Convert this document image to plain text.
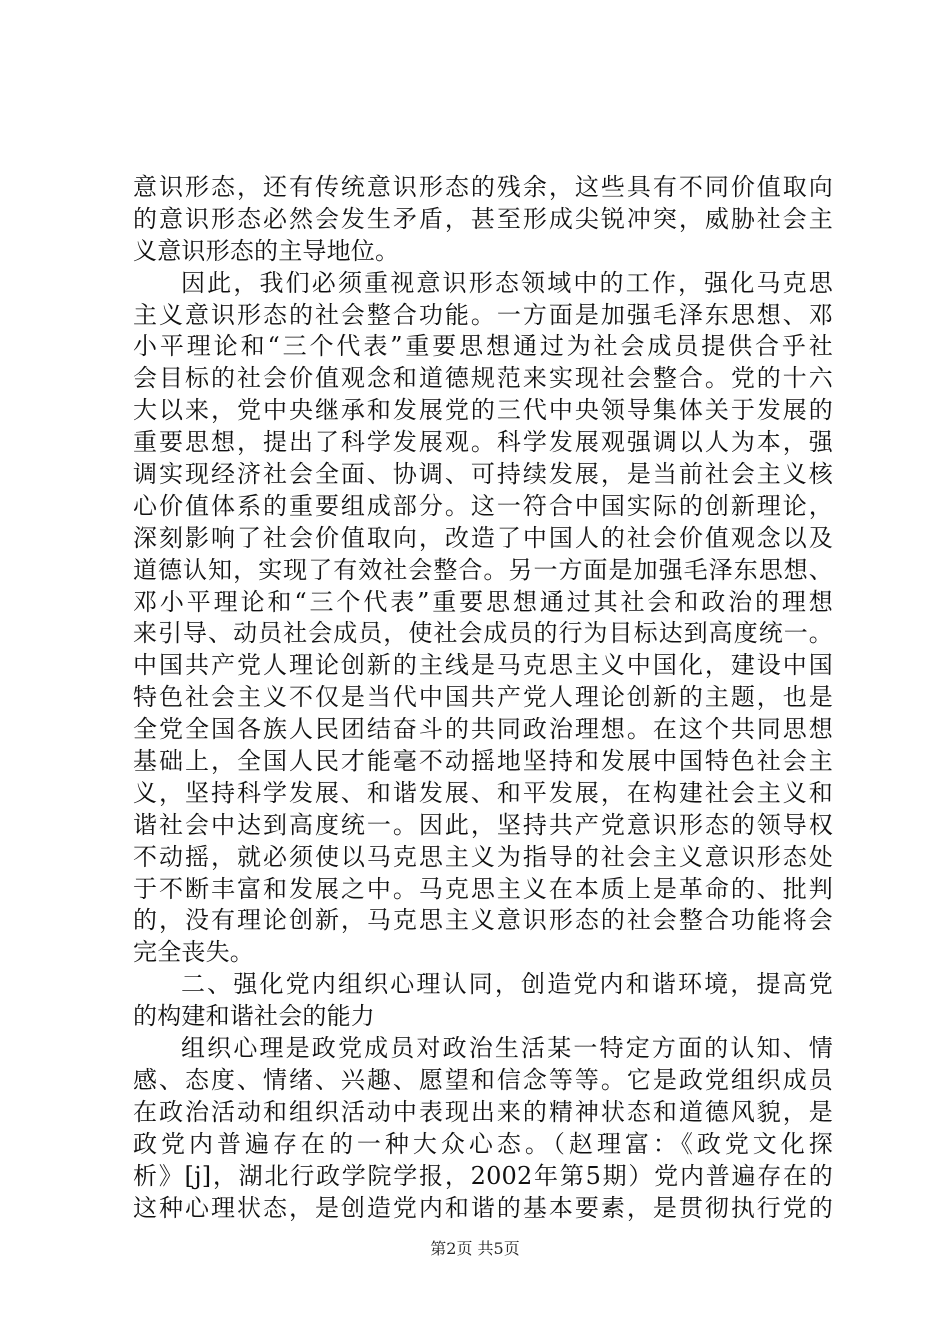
意识形态，还有传统意识形态的残余，这些具有不同价值取向
的意识形态必然会发生矛盾，甚至形成尖锐冲突，威胁社会主
义意识形态的主导地位。
因此，我们必须重视意识形态领域中的工作，强化马克思
主义意识形态的社会整合功能。一方面是加强毛泽东思想、邓
小平理论和“三个代表”重要思想通过为社会成员提供合乎社
会目标的社会价值观念和道德规范来实现社会整合。党的十六
大以来，党中央继承和发展党的三代中央领导集体关于发展的
重要思想，提出了科学发展观。科学发展观强调以人为本，强
调实现经济社会全面、协调、可持续发展，是当前社会主义核
心价值体系的重要组成部分。这一符合中国实际的创新理论，
深刻影响了社会价值取向，改造了中国人的社会价值观念以及
道德认知，实现了有效社会整合。另一方面是加强毛泽东思想、
邓小平理论和“三个代表”重要思想通过其社会和政治的理想
来引导、动员社会成员，使社会成员的行为目标达到高度统一。
中国共产党人理论创新的主线是马克思主义中国化，建设中国
特色社会主义不仅是当代中国共产党人理论创新的主题，也是
全党全国各族人民团结奋斗的共同政治理想。在这个共同思想
基础上，全国人民才能毫不动摇地坚持和发展中国特色社会主
义，坚持科学发展、和谐发展、和平发展，在构建社会主义和
谐社会中达到高度统一。因此，坚持共产党意识形态的领导权
不动摇，就必须使以马克思主义为指导的社会主义意识形态处
于不断丰富和发展之中。马克思主义在本质上是革命的、批判
的，没有理论创新，马克思主义意识形态的社会整合功能将会
完全丧失。
二、强化党内组织心理认同，创造党内和谐环境，提高党
的构建和谐社会的能力
组织心理是政党成员对政治生活某一特定方面的认知、情
感、态度、情绪、兴趣、愿望和信念等等。它是政党组织成员
在政治活动和组织活动中表现出来的精神状态和道德风貌，是
政党内普遍存在的一种大众心态。（赵理富：《政党文化探
析》[j]，湖北行政学院学报，2002年第5期）党内普遍存在的
这种心理状态，是创造党内和谐的基本要素，是贯彻执行党的
第2页 共5页
